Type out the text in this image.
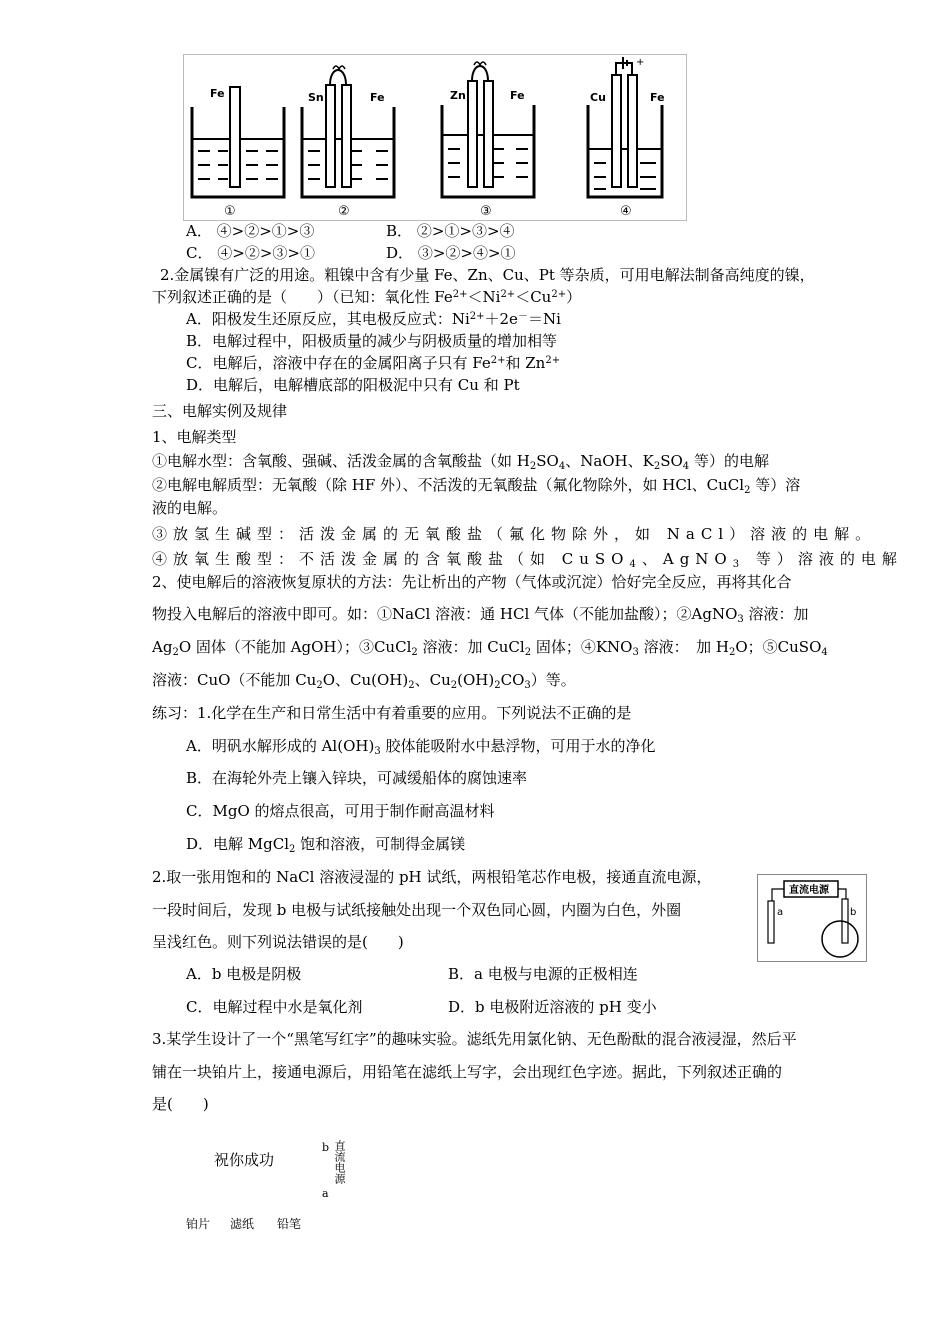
Fe
①
Sn	Fe
②
Zn	Fe
③
+
Cu	Fe
④
A． ④>②>①>③	B． ②>①>③>④
C． ④>②>③>①	D． ③>②>④>①
2.金属镍有广泛的用途。粗镍中含有少量 Fe、Zn、Cu、Pt 等杂质，可用电解法制备高纯度的镍，
下列叙述正确的是（　　）（已知：氧化性 $Fe^{2+}<Ni^{2+}<Cu^{2+}$）
A．阳极发生还原反应，其电极反应式：$Ni^{2+}+2e^-=Ni$
B．电解过程中，阳极质量的减少与阴极质量的增加相等
C．电解后，溶液中存在的金属阳离子只有 $Fe^{2+}$和 $Zn^{2+}$
D．电解后，电解槽底部的阳极泥中只有 Cu 和 Pt
三、电解实例及规律
1、电解类型
①电解水型：含氧酸、强碱、活泼金属的含氧酸盐（如 $H_2SO_4$、NaOH、$K_2SO_4$ 等）的电解
②电解电解质型：无氧酸（除 HF 外）、不活泼的无氧酸盐（氟化物除外，如 HCl、CuCl$_2$ 等）溶
液的电解。
③放氢生碱型：活泼金属的无氧酸盐（氟化物除外，如 NaCl）溶液的电解。
④放氧生酸型：不活泼金属的含氧酸盐（如 CuSO$_4$、AgNO$_3$ 等）溶液的电解
2、使电解后的溶液恢复原状的方法：先让析出的产物（气体或沉淀）恰好完全反应，再将其化合
物投入电解后的溶液中即可。如：①NaCl 溶液：通 HCl 气体（不能加盐酸）；②AgNO$_3$ 溶液：加
$Ag_2O$ 固体（不能加 AgOH）；③CuCl$_2$ 溶液：加 CuCl$_2$ 固体；$④KNO_3$ 溶液：　加 $H_2O$；⑤CuSO$_4$
溶液：CuO（不能加 $Cu_2O$、$Cu(OH)_2$、$Cu_2(OH)_2CO_3$）等。
练习：1.化学在生产和日常生活中有着重要的应用。下列说法不正确的是
A．明矾水解形成的 $Al(OH)_3$ 胶体能吸附水中悬浮物，可用于水的净化
B．在海轮外壳上镶入锌块，可减缓船体的腐蚀速率
C．MgO 的熔点很高，可用于制作耐高温材料
D．电解 MgCl$_2$ 饱和溶液，可制得金属镁
2.取一张用饱和的 NaCl 溶液浸湿的 pH 试纸，两根铅笔芯作电极，接通直流电源，
一段时间后，发现 b 电极与试纸接触处出现一个双色同心圆，内圈为白色，外圈
呈浅红色。则下列说法错误的是(　　)
直流电源
a	b
A．b 电极是阴极	B．a 电极与电源的正极相连
C．电解过程中水是氧化剂	D．b 电极附近溶液的 pH 变小
3.某学生设计了一个“黑笔写红字”的趣味实验。滤纸先用氯化钠、无色酚酞的混合液浸湿，然后平
铺在一块铂片上，接通电源后，用铅笔在滤纸上写字，会出现红色字迹。据此，下列叙述正确的
是(　　)
祝你成功
b 直流电源
a
铂片 滤纸 铅笔
